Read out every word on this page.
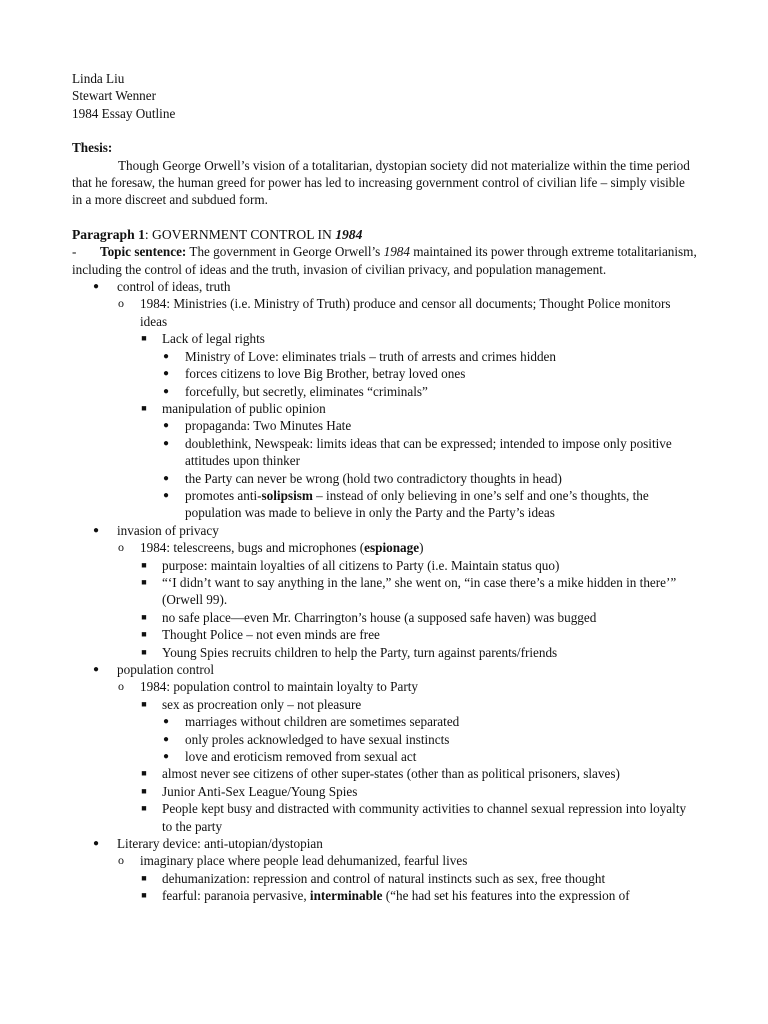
Linda Liu
Stewart Wenner
1984 Essay Outline
Thesis:
Though George Orwell’s vision of a totalitarian, dystopian society did not materialize within the time period that he foresaw, the human greed for power has led to increasing government control of civilian life – simply visible in a more discreet and subdued form.
Paragraph 1: GOVERNMENT CONTROL IN 1984
- Topic sentence: The government in George Orwell’s 1984 maintained its power through extreme totalitarianism, including the control of ideas and the truth, invasion of civilian privacy, and population management.
●	control of ideas, truth
o	1984: Ministries (i.e. Ministry of Truth) produce and censor all documents; Thought Police monitors ideas
■	Lack of legal rights
●	Ministry of Love: eliminates trials – truth of arrests and crimes hidden
●	forces citizens to love Big Brother, betray loved ones
●	forcefully, but secretly, eliminates “criminals”
■	manipulation of public opinion
●	propaganda: Two Minutes Hate
●	doublethink, Newspeak: limits ideas that can be expressed; intended to impose only positive attitudes upon thinker
●	the Party can never be wrong (hold two contradictory thoughts in head)
●	promotes anti-solipsism – instead of only believing in one’s self and one’s thoughts, the population was made to believe in only the Party and the Party’s ideas
●	invasion of privacy
o	1984: telescreens, bugs and microphones (espionage)
■	purpose: maintain loyalties of all citizens to Party (i.e. Maintain status quo)
■	“‘I didn’t want to say anything in the lane,” she went on, “in case there’s a mike hidden in there’” (Orwell 99).
■	no safe place—even Mr. Charrington’s house (a supposed safe haven) was bugged
■	Thought Police – not even minds are free
■	Young Spies recruits children to help the Party, turn against parents/friends
●	population control
o	1984: population control to maintain loyalty to Party
■	sex as procreation only – not pleasure
●	marriages without children are sometimes separated
●	only proles acknowledged to have sexual instincts
●	love and eroticism removed from sexual act
■	almost never see citizens of other super-states (other than as political prisoners, slaves)
■	Junior Anti-Sex League/Young Spies
■	People kept busy and distracted with community activities to channel sexual repression into loyalty to the party
●	Literary device: anti-utopian/dystopian
o	imaginary place where people lead dehumanized, fearful lives
■	dehumanization: repression and control of natural instincts such as sex, free thought
■	fearful: paranoia pervasive, interminable (“he had set his features into the expression of
